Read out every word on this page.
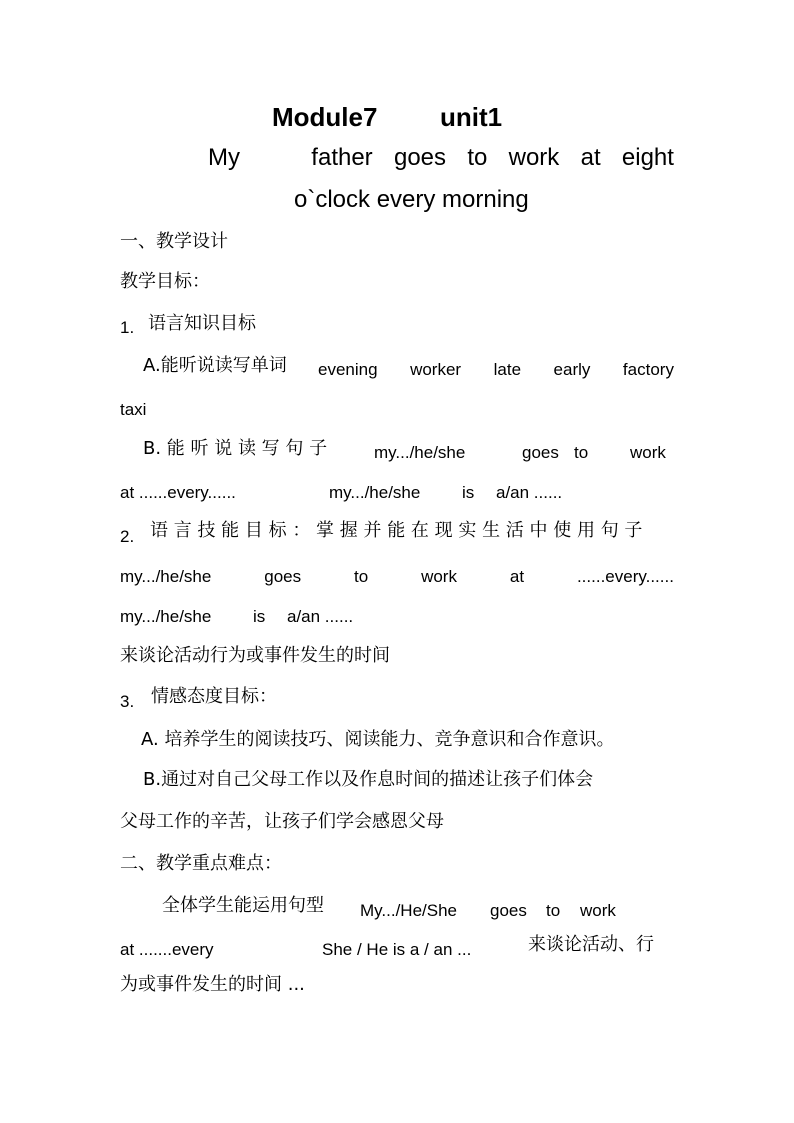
Module7 unit1
My	father goes to work at eight
o`clock every morning
一、教学设计
教学目标：
1. 语言知识目标
A.能听说读写单词 evening worker late early factory
taxi
B. 能 听 说 读 写 句 子	my.../he/she	goes to work
at ......every......	my.../he/she is a/an ......
2. 语 言 技 能 目 标 ： 掌 握 并 能 在 现 实 生 活 中 使 用 句 子
my.../he/she	goes	to	work	at	......every......
my.../he/she is a/an ......
来谈论活动行为或事件发生的时间
3. 情感态度目标：
A. 培养学生的阅读技巧、阅读能力、竞争意识和合作意识。
B.通过对自己父母工作以及作息时间的描述让孩子们体会
父母工作的辛苦，让孩子们学会感恩父母
二、教学重点难点：
全体学生能运用句型 My.../He/She goes to work
at .......every	She / He is a / an ...	来谈论活动、行
为或事件发生的时间 ...
